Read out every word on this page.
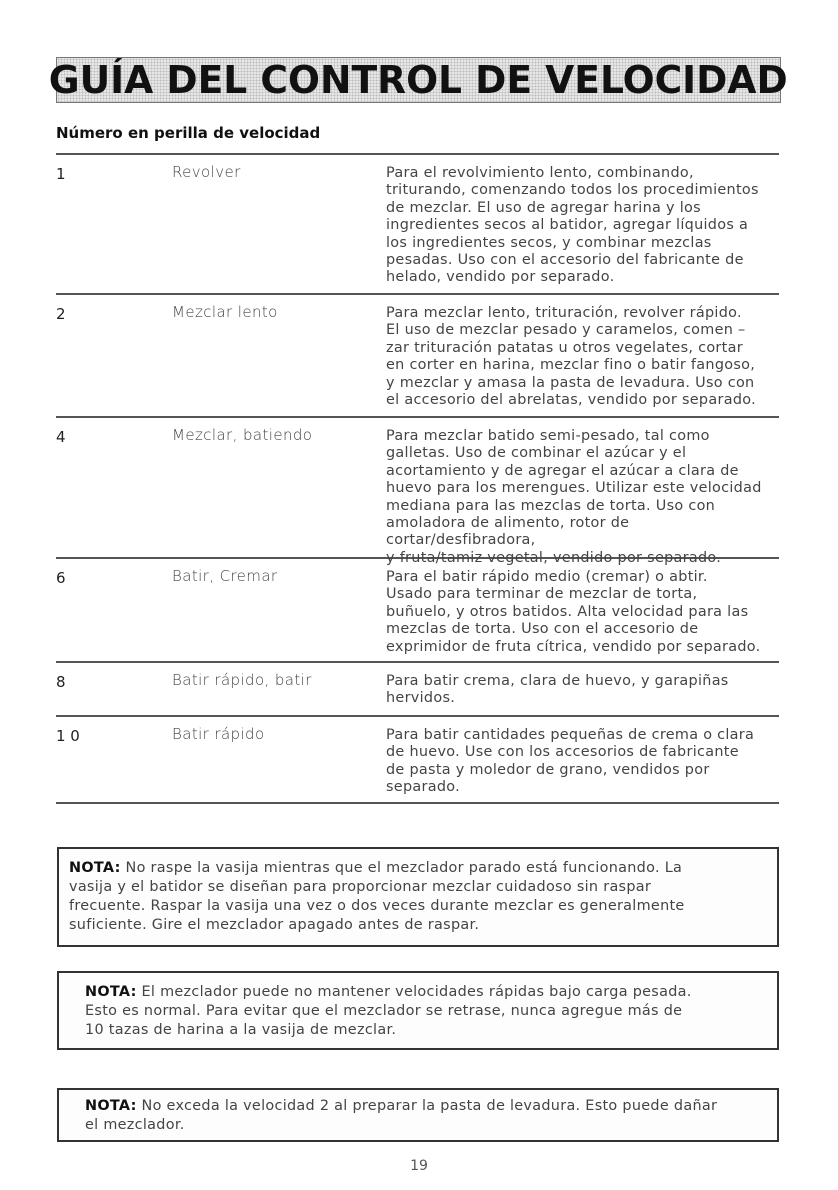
GUÍA DEL CONTROL DE VELOCIDAD
Número en perilla de velocidad
1	Revolver	Para el revolvimiento lento, combinando,
triturando, comenzando todos los procedimientos
de mezclar. El uso de agregar harina y los
ingredientes secos al batidor, agregar líquidos a
los ingredientes secos, y combinar mezclas
pesadas. Uso con el accesorio del fabricante de
helado, vendido por separado.
2	Mezclar lento	Para mezclar lento, trituración, revolver rápido.
El uso de mezclar pesado y caramelos, comen –
zar trituración patatas u otros vegelates, cortar
en corter en harina, mezclar fino o batir fangoso,
y mezclar y amasa la pasta de levadura. Uso con
el accesorio del abrelatas, vendido por separado.
4	Mezclar, batiendo	Para mezclar batido semi-pesado, tal como
galletas. Uso de combinar el azúcar y el
acortamiento y de agregar el azúcar a clara de
huevo para los merengues. Utilizar este velocidad
mediana para las mezclas de torta. Uso con
amoladora de alimento, rotor de cortar/desfibradora,
y fruta/tamiz vegetal, vendido por separado.
6	Batir, Cremar	Para el batir rápido medio (cremar) o abtir.
Usado para terminar de mezclar de torta,
buñuelo, y otros batidos. Alta velocidad para las
mezclas de torta. Uso con el accesorio de
exprimidor de fruta cítrica, vendido por separado.
8	Batir rápido, batir	Para batir crema, clara de huevo, y garapiñas
hervidos.
1 0	Batir rápido	Para batir cantidades pequeñas de crema o clara
de huevo. Use con los accesorios de fabricante
de pasta y moledor de grano, vendidos por
separado.
NOTA: No raspe la vasija mientras que el mezclador parado está funcionando. La
vasija y el batidor se diseñan para proporcionar mezclar cuidadoso sin raspar
frecuente. Raspar la vasija una vez o dos veces durante mezclar es generalmente
suficiente. Gire el mezclador apagado antes de raspar.
NOTA: El mezclador puede no mantener velocidades rápidas bajo carga pesada.
Esto es normal. Para evitar que el mezclador se retrase, nunca agregue más de
10 tazas de harina a la vasija de mezclar.
NOTA: No exceda la velocidad 2 al preparar la pasta de levadura. Esto puede dañar
el mezclador.
19
